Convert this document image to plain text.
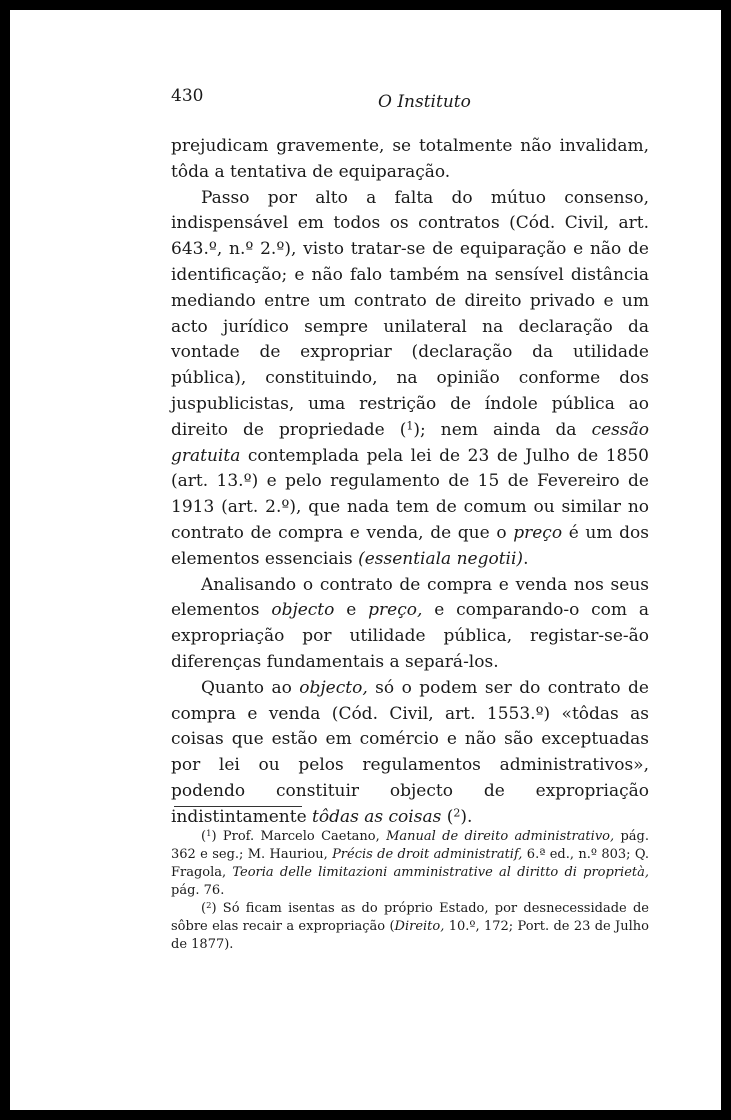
430	O Instituto

prejudicam gravemente, se totalmente não invalidam, tôda a tentativa de equiparação.

Passo por alto a falta do mútuo consenso, indispensável em todos os contratos (Cód. Civil, art. 643.º, n.º 2.º), visto tratar-se de equiparação e não de identificação; e não falo também na sensível distância mediando entre um contrato de direito privado e um acto jurídico sempre unilateral na declaração da vontade de expropriar (declaração da utilidade pública), constituindo, na opinião conforme dos juspublicistas, uma restrição de índole pública ao direito de propriedade ($^1$); nem ainda da cessão gratuita contemplada pela lei de 23 de Julho de 1850 (art. 13.º) e pelo regulamento de 15 de Fevereiro de 1913 (art. 2.º), que nada tem de comum ou similar no contrato de compra e venda, de que o preço é um dos elementos essenciais (essentiala negotii).

Analisando o contrato de compra e venda nos seus elementos objecto e preço, e comparando-o com a expropriação por utilidade pública, registar-se-ão diferenças fundamentais a separá-los.

Quanto ao objecto, só o podem ser do contrato de compra e venda (Cód. Civil, art. 1553.º) «tôdas as coisas que estão em comércio e não são exceptuadas por lei ou pelos regulamentos administrativos», podendo constituir objecto de expropriação indistintamente tôdas as coisas ($^2$).

($^1$) Prof. Marcelo Caetano, Manual de direito administrativo, pág. 362 e seg.; M. Hauriou, Précis de droit administratif, 6.ª ed., n.º 803; Q. Fragola, Teoria delle limitazioni amministrative al diritto di proprietà, pág. 76.

($^2$) Só ficam isentas as do próprio Estado, por desnecessidade de sôbre elas recair a expropriação (Direito, 10.º, 172; Port. de 23 de Julho de 1877).
